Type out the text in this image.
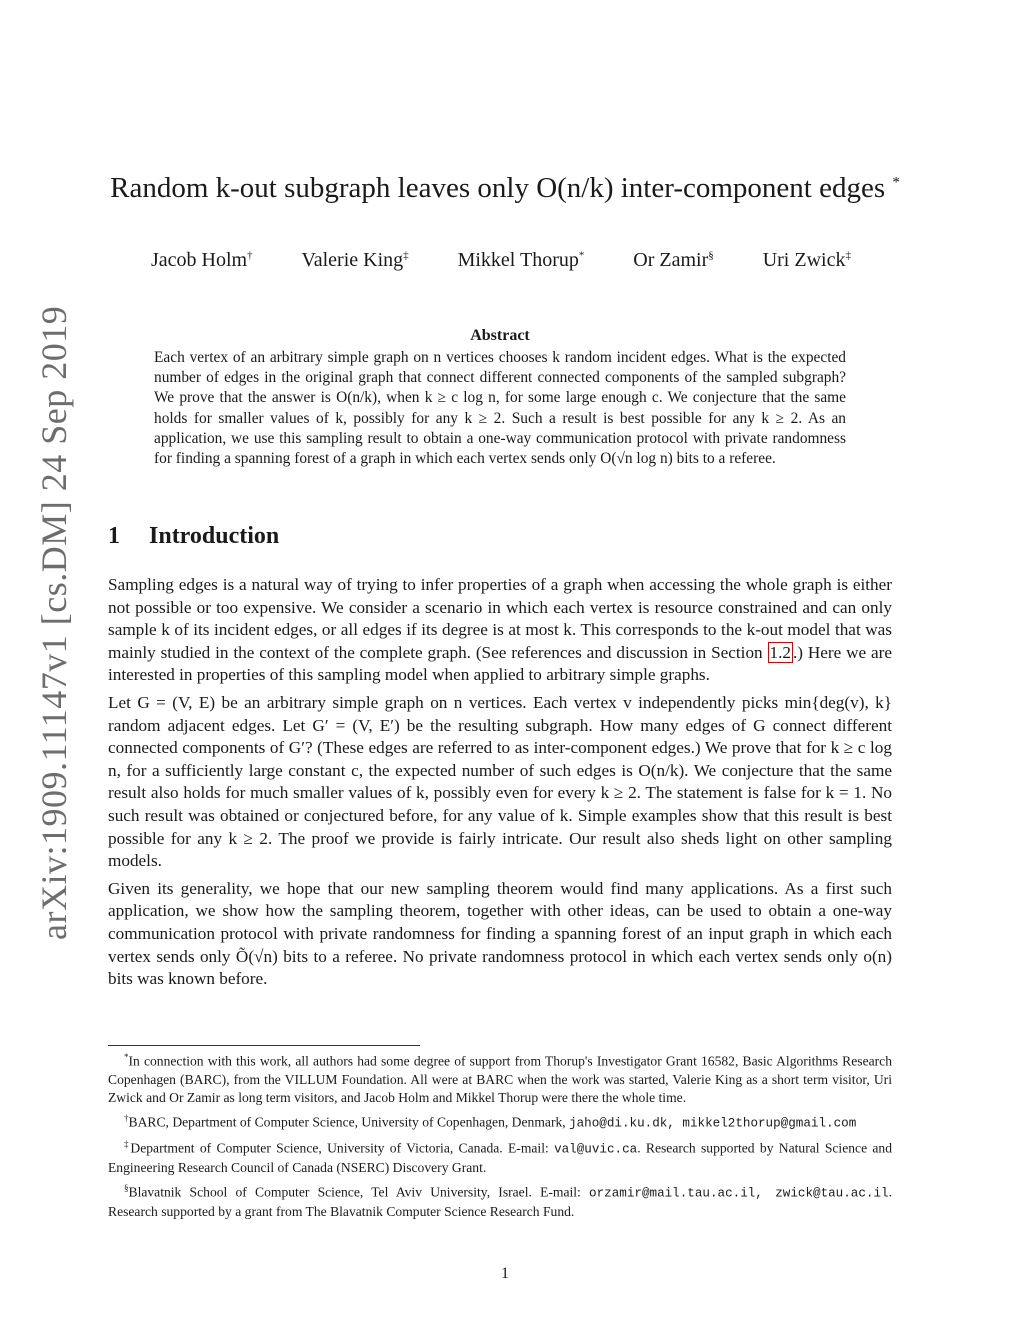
arXiv:1909.11147v1 [cs.DM] 24 Sep 2019
Random k-out subgraph leaves only O(n/k) inter-component edges *
Jacob Holm† Valerie King‡ Mikkel Thorup* Or Zamir§ Uri Zwick‡

Abstract

Each vertex of an arbitrary simple graph on n vertices chooses k random incident edges. What is the expected number of edges in the original graph that connect different connected components of the sampled subgraph? We prove that the answer is O(n/k), when k ≥ c log n, for some large enough c. We conjecture that the same holds for smaller values of k, possibly for any k ≥ 2. Such a result is best possible for any k ≥ 2. As an application, we use this sampling result to obtain a one-way communication protocol with private randomness for finding a spanning forest of a graph in which each vertex sends only O(√n log n) bits to a referee.

1 Introduction

Sampling edges is a natural way of trying to infer properties of a graph when accessing the whole graph is either not possible or too expensive. We consider a scenario in which each vertex is resource constrained and can only sample k of its incident edges, or all edges if its degree is at most k. This corresponds to the k-out model that was mainly studied in the context of the complete graph. (See references and discussion in Section 1.2 .) Here we are interested in properties of this sampling model when applied to arbitrary simple graphs.

Let G = (V, E) be an arbitrary simple graph on n vertices. Each vertex v independently picks min{deg(v), k} random adjacent edges. Let G′ = (V, E′) be the resulting subgraph. How many edges of G connect different connected components of G′? (These edges are referred to as inter-component edges.) We prove that for k ≥ c log n, for a sufficiently large constant c, the expected number of such edges is O(n/k). We conjecture that the same result also holds for much smaller values of k, possibly even for every k ≥ 2. The statement is false for k = 1. No such result was obtained or conjectured before, for any value of k. Simple examples show that this result is best possible for any k ≥ 2. The proof we provide is fairly intricate. Our result also sheds light on other sampling models.

Given its generality, we hope that our new sampling theorem would find many applications. As a first such application, we show how the sampling theorem, together with other ideas, can be used to obtain a one-way communication protocol with private randomness for finding a spanning forest of an input graph in which each vertex sends only Õ(√n) bits to a referee. No private randomness protocol in which each vertex sends only o(n) bits was known before.

*In connection with this work, all authors had some degree of support from Thorup's Investigator Grant 16582, Basic Algorithms Research Copenhagen (BARC), from the VILLUM Foundation. All were at BARC when the work was started, Valerie King as a short term visitor, Uri Zwick and Or Zamir as long term visitors, and Jacob Holm and Mikkel Thorup were there the whole time.

†BARC, Department of Computer Science, University of Copenhagen, Denmark, jaho@di.ku.dk, mikkel2thorup@gmail.com

‡Department of Computer Science, University of Victoria, Canada. E-mail: val@uvic.ca. Research supported by Natural Science and Engineering Research Council of Canada (NSERC) Discovery Grant.

§Blavatnik School of Computer Science, Tel Aviv University, Israel. E-mail: orzamir@mail.tau.ac.il, zwick@tau.ac.il. Research supported by a grant from The Blavatnik Computer Science Research Fund.

1
